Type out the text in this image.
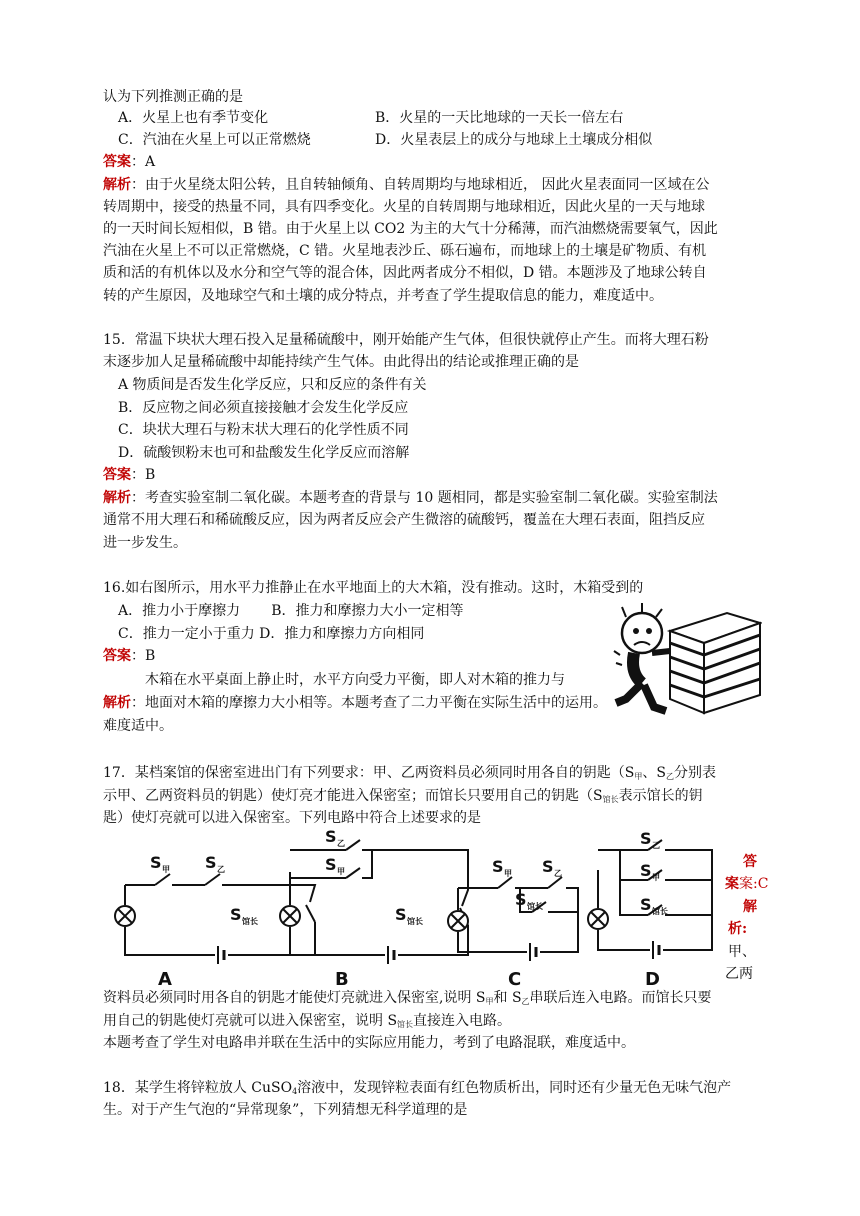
认为下列推测正确的是
A．火星上也有季节变化	B．火星的一天比地球的一天长一倍左右
C．汽油在火星上可以正常燃烧	D．火星表层上的成分与地球上土壤成分相似
答案：A
解析：由于火星绕太阳公转，且自转轴倾角、自转周期均与地球相近， 因此火星表面同一区域在公
转周期中，接受的热量不同，具有四季变化。火星的自转周期与地球相近，因此火星的一天与地球
的一天时间长短相似，B 错。由于火星上以 CO2 为主的大气十分稀薄，而汽油燃烧需要氧气，因此
汽油在火星上不可以正常燃烧，C 错。火星地表沙丘、砾石遍布，而地球上的土壤是矿物质、有机
质和活的有机体以及水分和空气等的混合体，因此两者成分不相似，D 错。本题涉及了地球公转自
转的产生原因，及地球空气和土壤的成分特点，并考查了学生提取信息的能力，难度适中。
15．常温下块状大理石投入足量稀硫酸中，刚开始能产生气体，但很快就停止产生。而将大理石粉
末逐步加人足量稀硫酸中却能持续产生气体。由此得出的结论或推理正确的是
A 物质间是否发生化学反应，只和反应的条件有关
B．反应物之间必须直接接触才会发生化学反应
C．块状大理石与粉末状大理石的化学性质不同
D．硫酸钡粉末也可和盐酸发生化学反应而溶解
答案：B
解析：考查实验室制二氧化碳。本题考查的背景与 10 题相同，都是实验室制二氧化碳。实验室制法
通常不用大理石和稀硫酸反应，因为两者反应会产生微溶的硫酸钙，覆盖在大理石表面，阻挡反应
进一步发生。
16.如右图所示，用水平力推静止在水平地面上的大木箱，没有推动。这时，木箱受到的
A．推力小于摩擦力       B．推力和摩擦力大小一定相等
C．推力一定小于重力 D．推力和摩擦力方向相同
答案：B
木箱在水平桌面上静止时，水平方向受力平衡，即人对木箱的推力与
解析：地面对木箱的摩擦力大小相等。本题考查了二力平衡在实际生活中的运用。
难度适中。
17．某档案馆的保密室进出门有下列要求：甲、乙两资料员必须同时用各自的钥匙（$S_甲$、$S_乙$分别表
示甲、乙两资料员的钥匙）使灯亮才能进入保密室；而馆长只要用自己的钥匙（$S_{馆长}$表示馆长的钥
匙）使灯亮就可以进入保密室。下列电路中符合上述要求的是
S 甲 S 乙
S 馆长
S 乙
S 甲
S 馆长
S 甲 S 乙
S 馆长
S 乙
S 甲
S 馆长
A	B	C	D
答
案案:C
解
析:
甲、
乙两
资料员必须同时用各自的钥匙才能使灯亮就进入保密室,说明 $S_甲$和 $S_乙$串联后连入电路。而馆长只要
用自己的钥匙使灯亮就可以进入保密室，说明 $S_{馆长}$直接连入电路。
本题考查了学生对电路串并联在生活中的实际应用能力，考到了电路混联，难度适中。
18．某学生将锌粒放人 CuSO$_4$溶液中，发现锌粒表面有红色物质析出，同时还有少量无色无味气泡产
生。对于产生气泡的“异常现象”，下列猜想无科学道理的是
